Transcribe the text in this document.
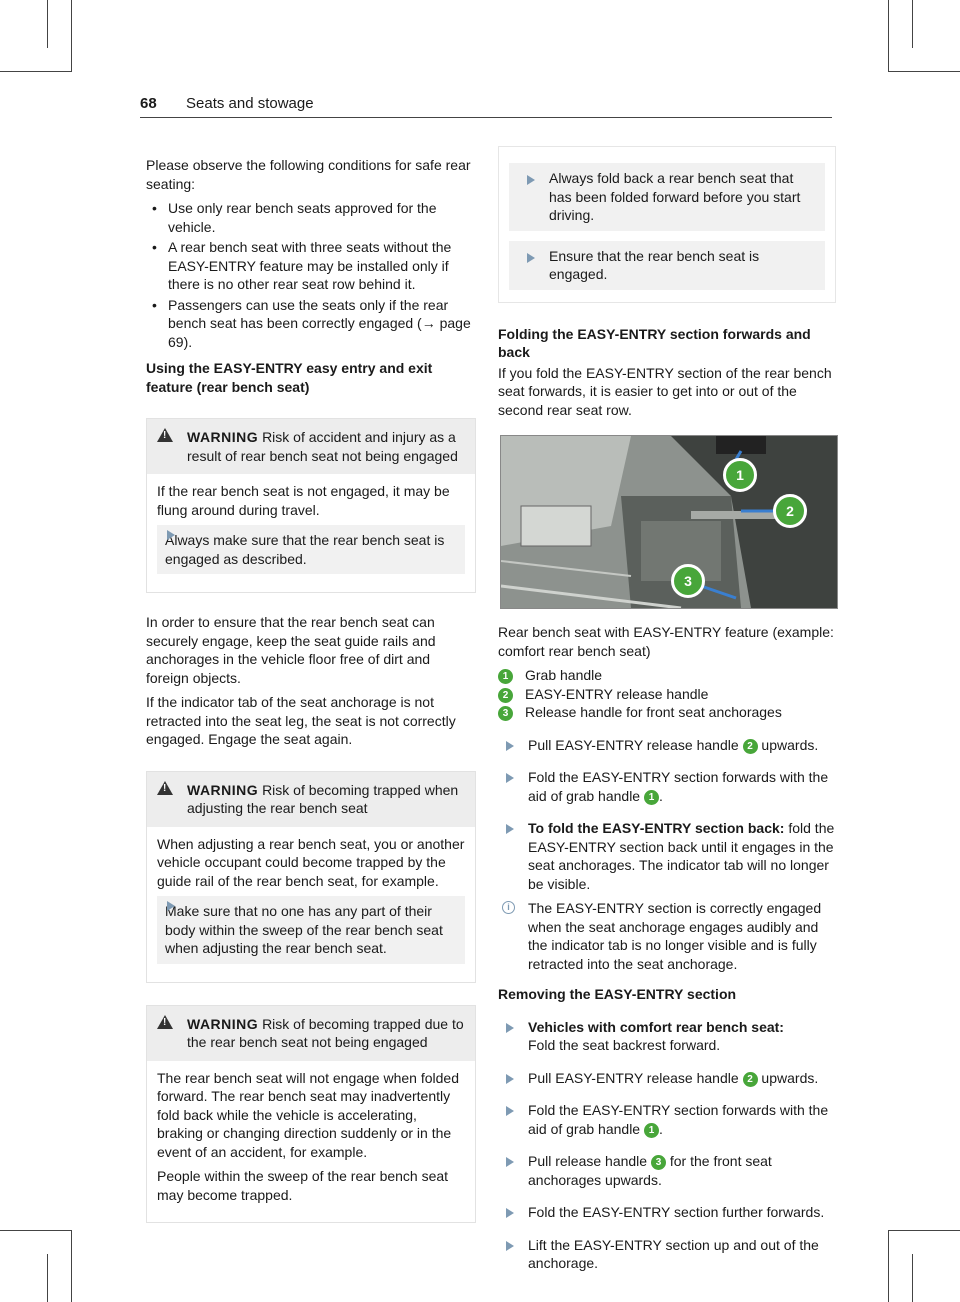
68 Seats and stowage

Please observe the following conditions for safe rear seating:

• Use only rear bench seats approved for the vehicle.
• A rear bench seat with three seats without the EASY-ENTRY feature may be installed only if there is no other rear seat row behind it.
• Passengers can use the seats only if the rear bench seat has been correctly engaged (→ page 69).
Using the EASY-ENTRY easy entry and exit feature (rear bench seat)
!
WARNING Risk of accident and injury as a result of rear bench seat not being engaged

If the rear bench seat is not engaged, it may be flung around during travel.

Always make sure that the rear bench seat is engaged as described.

In order to ensure that the rear bench seat can securely engage, keep the seat guide rails and anchorages in the vehicle floor free of dirt and foreign objects.

If the indicator tab of the seat anchorage is not retracted into the seat leg, the seat is not correctly engaged. Engage the seat again.

!
WARNING Risk of becoming trapped when adjusting the rear bench seat

When adjusting a rear bench seat, you or another vehicle occupant could become trapped by the guide rail of the rear bench seat, for example.

Make sure that no one has any part of their body within the sweep of the rear bench seat when adjusting the rear bench seat.
!
WARNING Risk of becoming trapped due to the rear bench seat not being engaged

The rear bench seat will not engage when folded forward. The rear bench seat may inadvertently fold back while the vehicle is accelerating, braking or changing direction suddenly or in the event of an accident, for example.

People within the sweep of the rear bench seat may become trapped.

Always fold back a rear bench seat that has been folded forward before you start driving.
Ensure that the rear bench seat is engaged.
Folding the EASY-ENTRY section forwards and back

If you fold the EASY-ENTRY section of the rear bench seat forwards, it is easier to get into or out of the second rear seat row.

1
2
3

Rear bench seat with EASY-ENTRY feature (example: comfort rear bench seat)

1 Grab handle
2 EASY-ENTRY release handle
3 Release handle for front seat anchorages
Pull EASY-ENTRY release handle 2 upwards.
Fold the EASY-ENTRY section forwards with the aid of grab handle 1 .
To fold the EASY-ENTRY section back: fold the EASY-ENTRY section back until it engages in the seat anchorages. The indicator tab will no longer be visible.
i	The EASY-ENTRY section is correctly engaged when the seat anchorage engages audibly and the indicator tab is no longer visible and is fully retracted into the seat anchorage.
Removing the EASY-ENTRY section
Vehicles with comfort rear bench seat:
Fold the seat backrest forward.
Pull EASY-ENTRY release handle 2 upwards.
Fold the EASY-ENTRY section forwards with the aid of grab handle 1 .
Pull release handle 3 for the front seat anchorages upwards.
Fold the EASY-ENTRY section further forwards.
Lift the EASY-ENTRY section up and out of the anchorage.
